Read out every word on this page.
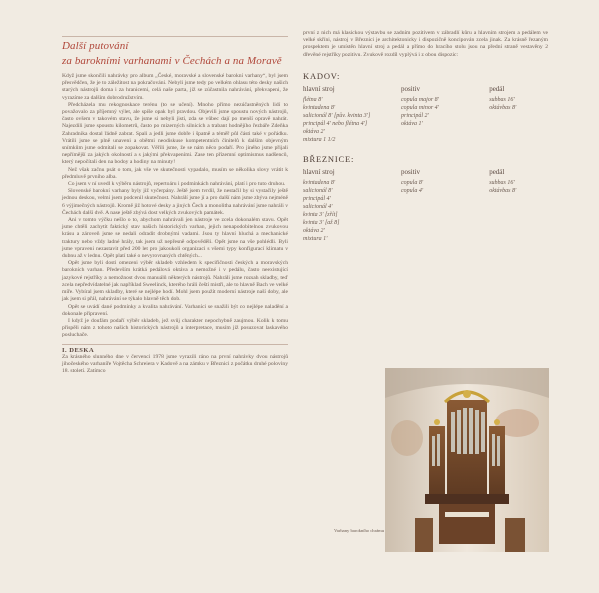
Další putování
za barokními varhanami v Čechách a na Moravě

Když jsme skončili nahrávky pro album „České, moravské a slovenské barokní varhany“, byl jsem přesvědčen, že je to záležitost na pokračování. Nebyli jsme tedy po velkém ohlasu této desky našich starých nástrojů doma i za hranicemi, celá naše parta, již se zúčastnila nahrávání, překvapeni, že vyrazíme za dalším dobrodružstvím.

Předcházela mu rekognoskace terénu (to se učení). Mnoho přímo nezúčastněných lidí to považovalo za příjemný výlet, ale spíše opak byl pravdou. Objevili jsme spoustu nových nástrojů, často ovšem v takovém stavu, že jsme si nebyli jisti, zda se vůbec dají po menší opravě nahrát. Najezdili jsme spoustu kilometrů, často po mizerných silnicích a trabant hodnějího řezbáře Zdeňka Zahradníka dostal řádně zabrat. Spali a jedli jsme dobře i špatně a téměř půl části také v pořádku. Vrátili jsme se plně unaveni a obětmi neodiskuse kompetentních činitelů k dalším objevným snímkům jsme odmítali se zopakovat. Věřili jsme, že se nám něco podaří. Pro jiného jsme přijali nepřímější za jakých okolností a s jakými překvapeními. Zase ten přízemní optimismus nadšenců, který nepočítali den na bodoy a hodiny na minuty!

Než však začnu psát o tom, jak vše ve skutečnosti vypadalo, musím se několika slovy vrátit k předmluvě prvního alba.

Co jsem v ní uvedl k výběru nástrojů, repertoáru i podmínkách nahrávání, platí i pro tuto druhou.

Slovenské barokní varhany byly již vyčerpány. Ještě jsem tvrdil, že nestačil by si vystačily ještě jednou deskou, velmi jsem podcenil skutečnost. Nahrálí jsme jí a pro další nám jsme zbýva nejméně 6 výjimečných nástrojů. Kromě již hotové desky a jiných Čech a monolitha nahrávání jsme nahráli v Čechách další dvě. A nase ještě zbývá dost velkých zvukových památek.

Ani v tomto výčku nešlo o to, abychom nahrávali jen nástroje ve zcela dokonalém stavu. Opět jsme chtěli zachytit faktický stav našich historických varhan, jejich nenapodobitelnou zvukovou krásu a zároveň jsme se nedali odradit drobnými vadami. Jsou ty hlavní hluchá a mechanické traktury nebo vždy ladné hrály, tak jsem už nepřesně odpověděli. Opět jsme na vše pohlédli. Byli jsme vpraveni nezastavit před 200 let pro jakoukoli organizaci s všemi typy konfigurací klimatu v dubnu až v lednu. Opět platí také o nevyrovnaných chtěných...

Opět jsme byli dosti omezeni výběr skladeb vzhledem k specifičnosti českých a moravských barokních varhan. Především krátká pedálová oktáva a nemožné i v pedálu, často neexistující jazykové rejstříky a nemožnost dvou manuálů některých nástrojů. Nahráli jsme rozsah skladby, teď zcela nepředvídatelné jak například Sweelinck, kterého hráli čeští mistři, ale to hlavně Bach ve velké míře. Vybíral jsem skladby, které se nejlépe hodí. Mohl jsem použít moderní nástroje naší doby, ale jak jsem si přál, nahrávání se týkalo hlavně těch dob.

Opět se uvádí dané podmínky a kvalita nahrávání. Varhaníci se snažili být co nejlépe naladění a dokonale připravení.

I když je doufám podaří výběr skladeb, jež svůj charakter nepochybně zaujmou. Kolik k tomu přispěli nám z tohoto našich historických nástrojů a interpretace, musím již posuzovat laskavého posluchače.

I. DESKA

Za krásného slunného dne v červenci 1978 jsme vyrazili ráno na první nahrávky dvou nástrojů jihočeského varhaníře Vojtěcha Schreiera v Kadově a na zámku v Březnici z počátku druhé poloviny 18. století. Zatímco

první z nich má klasickou výstavbu se zadním pozitivem v zábradlí kůru a hlavním strojem a pedálem ve velké skříni, nástroj v Březnici je architektonicky i dispozičně koncipován zcela jinak. Za krásně řezaným prospektem je umístěn hlavní stroj a pedál a přímo do hracího stolu jsou na přední straně vestavěny 2 dřevěné rejstříky pozitivu. Zvukově rozdíl vyplývá i z obou dispozic:

KADOV:
hlavní stroj	positiv	pedál
flétna 8'	copula major 8'	subbas 16'
kvintadena 8'	copula minor 4'	oktávbas 8'
salicionál 8' [pův. kvinta 3']	principál 2'	
principál 4' nebo flétna 4']	oktáva 1'	
oktáva 2'		
mixtura 1 1/2		
BŘEZNICE:
hlavní stroj	positiv	pedál
kvintadena 8'	copula 8'	subbas 16'
salicionál 8'	copula 4'	oktávbas 8'
principál 4'		
salicionál 4'		
kvinta 3' [zřít]		
kvinta 3' [až 8]		
oktáva 2'		
mixtura 1'		
Varhany barokního chrámu
